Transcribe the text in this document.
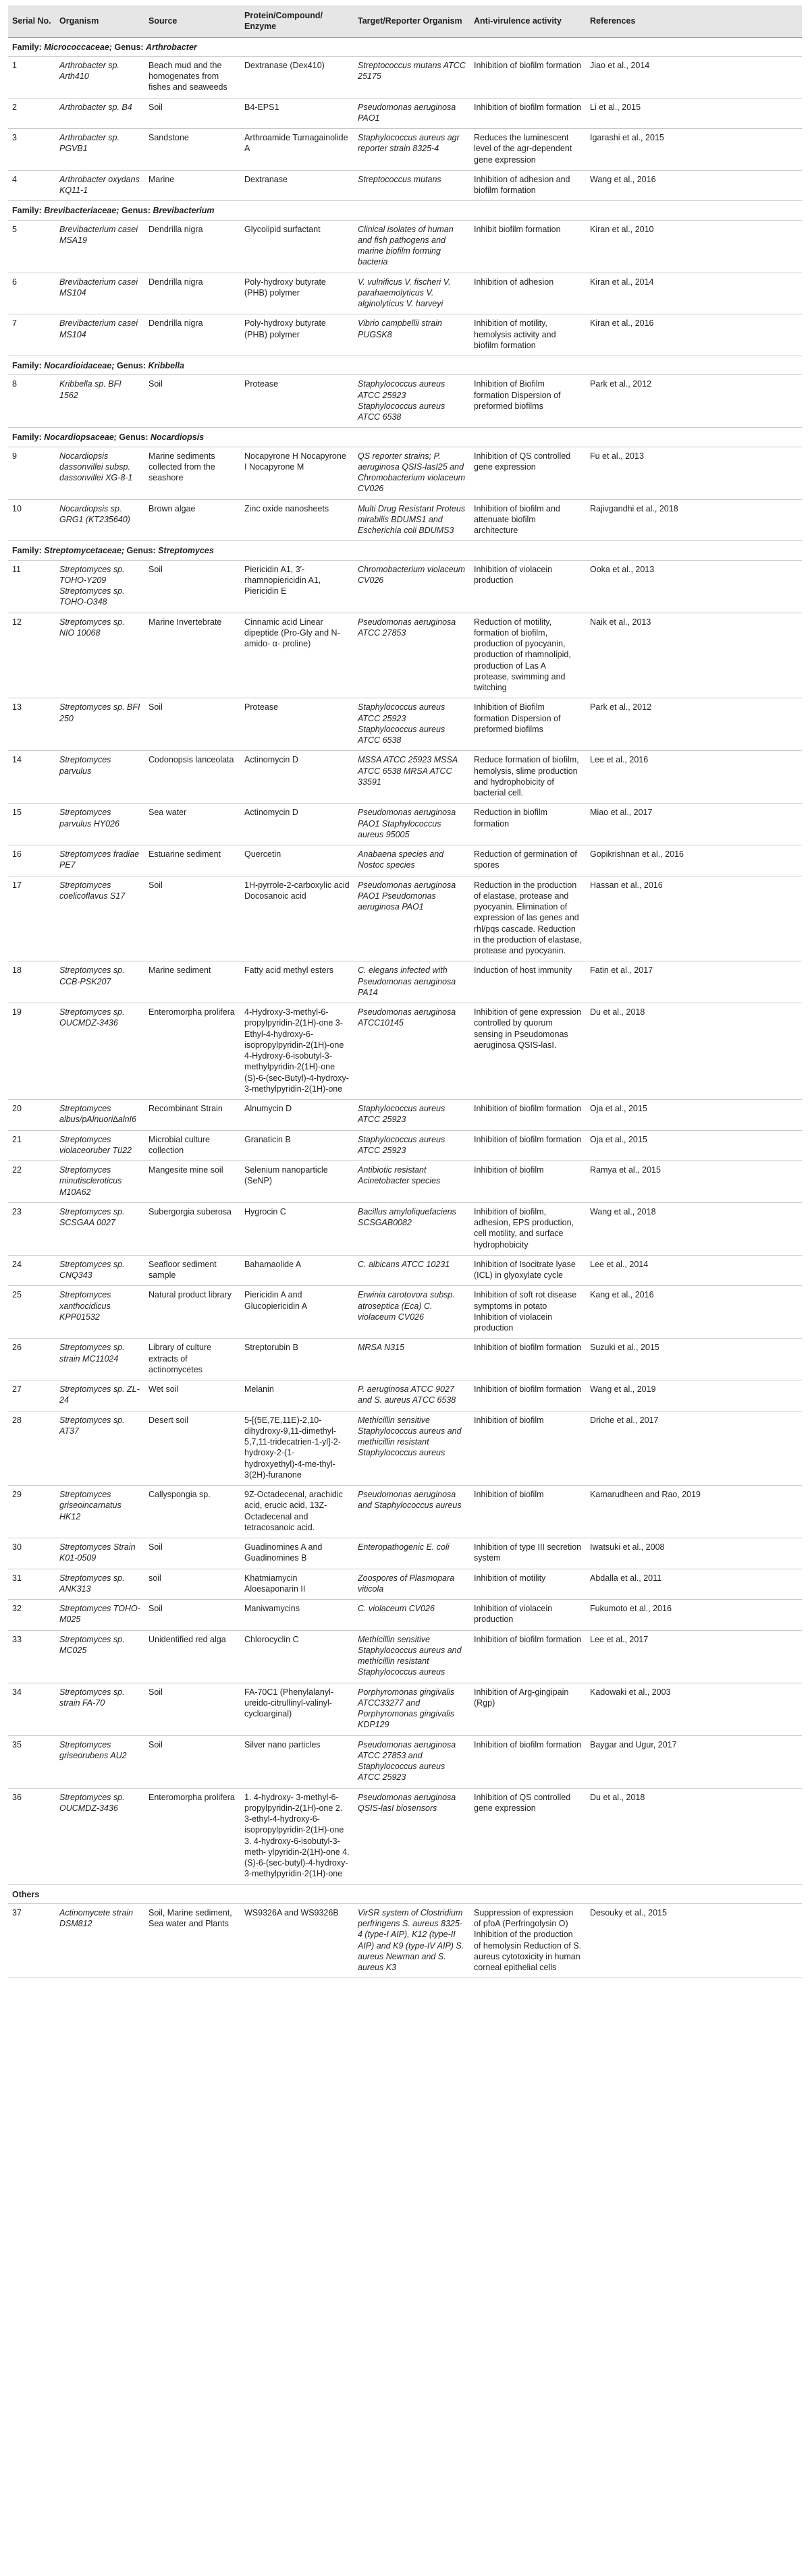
Serial No.	Organism	Source	Protein/Compound/ Enzyme	Target/Reporter Organism	Anti-virulence activity	References
Family: Micrococcaceae; Genus: Arthrobacter						
1	Arthrobacter sp. Arth410	Beach mud and the homogenates from fishes and seaweeds	Dextranase (Dex410)	Streptococcus mutans ATCC 25175	Inhibition of biofilm formation	Jiao et al., 2014
2	Arthrobacter sp. B4	Soil	B4-EPS1	Pseudomonas aeruginosa PAO1	Inhibition of biofilm formation	Li et al., 2015
3	Arthrobacter sp. PGVB1	Sandstone	Arthroamide Turnagainolide A	Staphylococcus aureus agr reporter strain 8325-4	Reduces the luminescent level of the agr-dependent gene expression	Igarashi et al., 2015
4	Arthrobacter oxydans KQ11-1	Marine	Dextranase	Streptococcus mutans	Inhibition of adhesion and biofilm formation	Wang et al., 2016
Family: Brevibacteriaceae; Genus: Brevibacterium						
5	Brevibacterium casei MSA19	Dendrilla nigra	Glycolipid surfactant	Clinical isolates of human and fish pathogens and marine biofilm forming bacteria	Inhibit biofilm formation	Kiran et al., 2010
6	Brevibacterium casei MS104	Dendrilla nigra	Poly-hydroxy butyrate (PHB) polymer	V. vulnificus V. fischeri V. parahaemolyticus V. alginolyticus V. harveyi	Inhibition of adhesion	Kiran et al., 2014
7	Brevibacterium casei MS104	Dendrilla nigra	Poly-hydroxy butyrate (PHB) polymer	Vibrio campbellii strain PUGSK8	Inhibition of motility, hemolysis activity and biofilm formation	Kiran et al., 2016
Family: Nocardioidaceae; Genus: Kribbella						
8	Kribbella sp. BFI 1562	Soil	Protease	Staphylococcus aureus ATCC 25923 Staphylococcus aureus ATCC 6538	Inhibition of Biofilm formation Dispersion of preformed biofilms	Park et al., 2012
Family: Nocardiopsaceae; Genus: Nocardiopsis						
9	Nocardiopsis dassonvillei subsp. dassonvillei XG-8-1	Marine sediments collected from the seashore	Nocapyrone H Nocapyrone I Nocapyrone M	QS reporter strains; P. aeruginosa QSIS-lasI25 and Chromobacterium violaceum CV026	Inhibition of QS controlled gene expression	Fu et al., 2013
10	Nocardiopsis sp. GRG1 (KT235640)	Brown algae	Zinc oxide nanosheets	Multi Drug Resistant Proteus mirabilis BDUMS1 and Escherichia coli BDUMS3	Inhibition of biofilm and attenuate biofilm architecture	Rajivgandhi et al., 2018
Family: Streptomycetaceae; Genus: Streptomyces						
11	Streptomyces sp. TOHO-Y209 Streptomyces sp. TOHO-O348	Soil	Piericidin A1, 3′-rhamnopiericidin A1, Piericidin E	Chromobacterium violaceum CV026	Inhibition of violacein production	Ooka et al., 2013
12	Streptomyces sp. NIO 10068	Marine Invertebrate	Cinnamic acid Linear dipeptide (Pro-Gly and N-amido- α- proline)	Pseudomonas aeruginosa ATCC 27853	Reduction of motility, formation of biofilm, production of pyocyanin, production of rhamnolipid, production of Las A protease, swimming and twitching	Naik et al., 2013
13	Streptomyces sp. BFI 250	Soil	Protease	Staphylococcus aureus ATCC 25923 Staphylococcus aureus ATCC 6538	Inhibition of Biofilm formation Dispersion of preformed biofilms	Park et al., 2012
14	Streptomyces parvulus	Codonopsis lanceolata	Actinomycin D	MSSA ATCC 25923 MSSA ATCC 6538 MRSA ATCC 33591	Reduce formation of biofilm, hemolysis, slime production and hydrophobicity of bacterial cell.	Lee et al., 2016
15	Streptomyces parvulus HY026	Sea water	Actinomycin D	Pseudomonas aeruginosa PAO1 Staphylococcus aureus 95005	Reduction in biofilm formation	Miao et al., 2017
16	Streptomyces fradiae PE7	Estuarine sediment	Quercetin	Anabaena species and Nostoc species	Reduction of germination of spores	Gopikrishnan et al., 2016
17	Streptomyces coelicoflavus S17	Soil	1H-pyrrole-2-carboxylic acid Docosanoic acid	Pseudomonas aeruginosa PAO1 Pseudomonas aeruginosa PAO1	Reduction in the production of elastase, protease and pyocyanin. Elimination of expression of las genes and rhl/pqs cascade. Reduction in the production of elastase, protease and pyocyanin.	Hassan et al., 2016
18	Streptomyces sp. CCB-PSK207	Marine sediment	Fatty acid methyl esters	C. elegans infected with Pseudomonas aeruginosa PA14	Induction of host immunity	Fatin et al., 2017
19	Streptomyces sp. OUCMDZ-3436	Enteromorpha prolifera	4-Hydroxy-3-methyl-6-propylpyridin-2(1H)-one 3-Ethyl-4-hydroxy-6-isopropylpyridin-2(1H)-one 4-Hydroxy-6-isobutyl-3-methylpyridin-2(1H)-one (S)-6-(sec-Butyl)-4-hydroxy-3-methylpyridin-2(1H)-one	Pseudomonas aeruginosa ATCC10145	Inhibition of gene expression controlled by quorum sensing in Pseudomonas aeruginosa QSIS-lasI.	Du et al., 2018
20	Streptomyces albus/pAlnuori∆alnI6	Recombinant Strain	Alnumycin D	Staphylococcus aureus ATCC 25923	Inhibition of biofilm formation	Oja et al., 2015
21	Streptomyces violaceoruber Tü22	Microbial culture collection	Granaticin B	Staphylococcus aureus ATCC 25923	Inhibition of biofilm formation	Oja et al., 2015
22	Streptomyces minutiscleroticus M10A62	Mangesite mine soil	Selenium nanoparticle (SeNP)	Antibiotic resistant Acinetobacter species	Inhibition of biofilm	Ramya et al., 2015
23	Streptomyces sp. SCSGAA 0027	Subergorgia suberosa	Hygrocin C	Bacillus amyloliquefaciens SCSGAB0082	Inhibition of biofilm, adhesion, EPS production, cell motility, and surface hydrophobicity	Wang et al., 2018
24	Streptomyces sp. CNQ343	Seafloor sediment sample	Bahamaolide A	C. albicans ATCC 10231	Inhibition of Isocitrate lyase (ICL) in glyoxylate cycle	Lee et al., 2014
25	Streptomyces xanthocidicus KPP01532	Natural product library	Piericidin A and Glucopiericidin A	Erwinia carotovora subsp. atroseptica (Eca) C. violaceum CV026	Inhibition of soft rot disease symptoms in potato Inhibition of violacein production	Kang et al., 2016
26	Streptomyces sp. strain MC11024	Library of culture extracts of actinomycetes	Streptorubin B	MRSA N315	Inhibition of biofilm formation	Suzuki et al., 2015
27	Streptomyces sp. ZL-24	Wet soil	Melanin	P. aeruginosa ATCC 9027 and S. aureus ATCC 6538	Inhibition of biofilm formation	Wang et al., 2019
28	Streptomyces sp. AT37	Desert soil	5-[(5E,7E,11E)-2,10-dihydroxy-9,11-dimethyl-5,7,11-tridecatrien-1-yl]-2-hydroxy-2-(1-hydroxyethyl)-4-me-thyl-3(2H)-furanone	Methicillin sensitive Staphylococcus aureus and methicillin resistant Staphylococcus aureus	Inhibition of biofilm	Driche et al., 2017
29	Streptomyces griseoincarnatus HK12	Callyspongia sp.	9Z-Octadecenal, arachidic acid, erucic acid, 13Z-Octadecenal and tetracosanoic acid.	Pseudomonas aeruginosa and Staphylococcus aureus	Inhibition of biofilm	Kamarudheen and Rao, 2019
30	Streptomyces Strain K01-0509	Soil	Guadinomines A and Guadinomines B	Enteropathogenic E. coli	Inhibition of type III secretion system	Iwatsuki et al., 2008
31	Streptomyces sp. ANK313	soil	Khatmiamycin Aloesaponarin II	Zoospores of Plasmopara viticola	Inhibition of motility	Abdalla et al., 2011
32	Streptomyces TOHO-M025	Soil	Maniwamycins	C. violaceum CV026	Inhibition of violacein production	Fukumoto et al., 2016
33	Streptomyces sp. MC025	Unidentified red alga	Chlorocyclin C	Methicillin sensitive Staphylococcus aureus and methicillin resistant Staphylococcus aureus	Inhibition of biofilm formation	Lee et al., 2017
34	Streptomyces sp. strain FA-70	Soil	FA-70C1 (Phenylalanyl-ureido-citrullinyl-valinyl-cycloarginal)	Porphyromonas gingivalis ATCC33277 and Porphyromonas gingivalis KDP129	Inhibition of Arg-gingipain (Rgp)	Kadowaki et al., 2003
35	Streptomyces griseorubens AU2	Soil	Silver nano particles	Pseudomonas aeruginosa ATCC 27853 and Staphylococcus aureus ATCC 25923	Inhibition of biofilm formation	Baygar and Ugur, 2017
36	Streptomyces sp. OUCMDZ-3436	Enteromorpha prolifera	1. 4-hydroxy- 3-methyl-6-propylpyridin-2(1H)-one 2. 3-ethyl-4-hydroxy-6-isopropylpyridin-2(1H)-one 3. 4-hydroxy-6-isobutyl-3-meth- ylpyridin-2(1H)-one 4. (S)-6-(sec-butyl)-4-hydroxy-3-methylpyridin-2(1H)-one	Pseudomonas aeruginosa QSIS-lasI biosensors	Inhibition of QS controlled gene expression	Du et al., 2018
Others						
37	Actinomycete strain DSM812	Soil, Marine sediment, Sea water and Plants	WS9326A and WS9326B	VirSR system of Clostridium perfringens S. aureus 8325-4 (type-I AIP), K12 (type-II AIP) and K9 (type-IV AIP) S. aureus Newman and S. aureus K3	Suppression of expression of pfoA (Perfringolysin O) Inhibition of the production of hemolysin Reduction of S. aureus cytotoxicity in human corneal epithelial cells	Desouky et al., 2015
